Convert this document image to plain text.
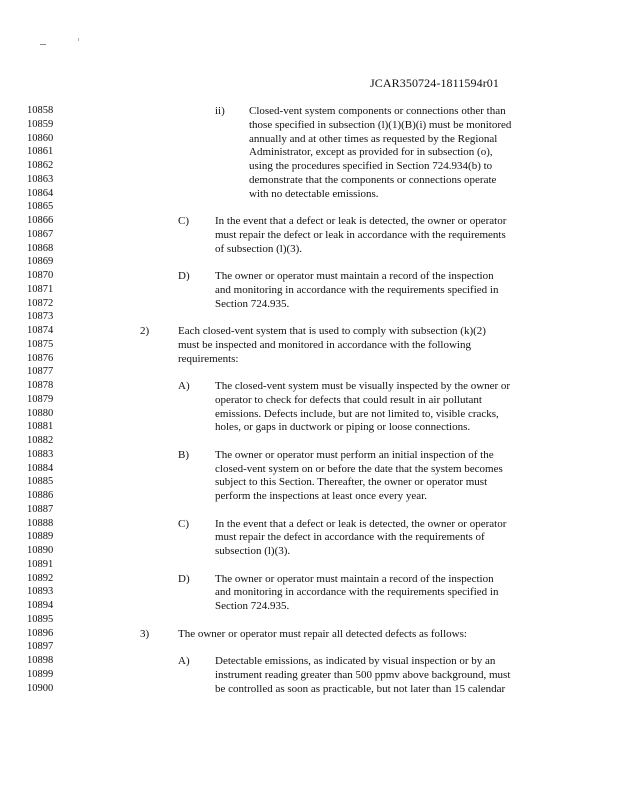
JCAR350724-1811594r01
10858
10859
10860
10861
10862
10863
10864
10865
10866
10867
10868
10869
10870
10871
10872
10873
10874
10875
10876
10877
10878
10879
10880
10881
10882
10883
10884
10885
10886
10887
10888
10889
10890
10891
10892
10893
10894
10895
10896
10897
10898
10899
10900
ii) Closed-vent system components or connections other than
those specified in subsection (l)(1)(B)(i) must be monitored
annually and at other times as requested by the Regional
Administrator, except as provided for in subsection (o),
using the procedures specified in Section 724.934(b) to
demonstrate that the components or connections operate
with no detectable emissions.
C) In the event that a defect or leak is detected, the owner or operator
must repair the defect or leak in accordance with the requirements
of subsection (l)(3).
D) The owner or operator must maintain a record of the inspection
and monitoring in accordance with the requirements specified in
Section 724.935.
2)	Each closed-vent system that is used to comply with subsection (k)(2)
must be inspected and monitored in accordance with the following
requirements:
A) The closed-vent system must be visually inspected by the owner or
operator to check for defects that could result in air pollutant
emissions. Defects include, but are not limited to, visible cracks,
holes, or gaps in ductwork or piping or loose connections.
B) The owner or operator must perform an initial inspection of the
closed-vent system on or before the date that the system becomes
subject to this Section. Thereafter, the owner or operator must
perform the inspections at least once every year.
C) In the event that a defect or leak is detected, the owner or operator
must repair the defect in accordance with the requirements of
subsection (l)(3).
D) The owner or operator must maintain a record of the inspection
and monitoring in accordance with the requirements specified in
Section 724.935.
3)	The owner or operator must repair all detected defects as follows:
A) Detectable emissions, as indicated by visual inspection or by an
instrument reading greater than 500 ppmv above background, must
be controlled as soon as practicable, but not later than 15 calendar
